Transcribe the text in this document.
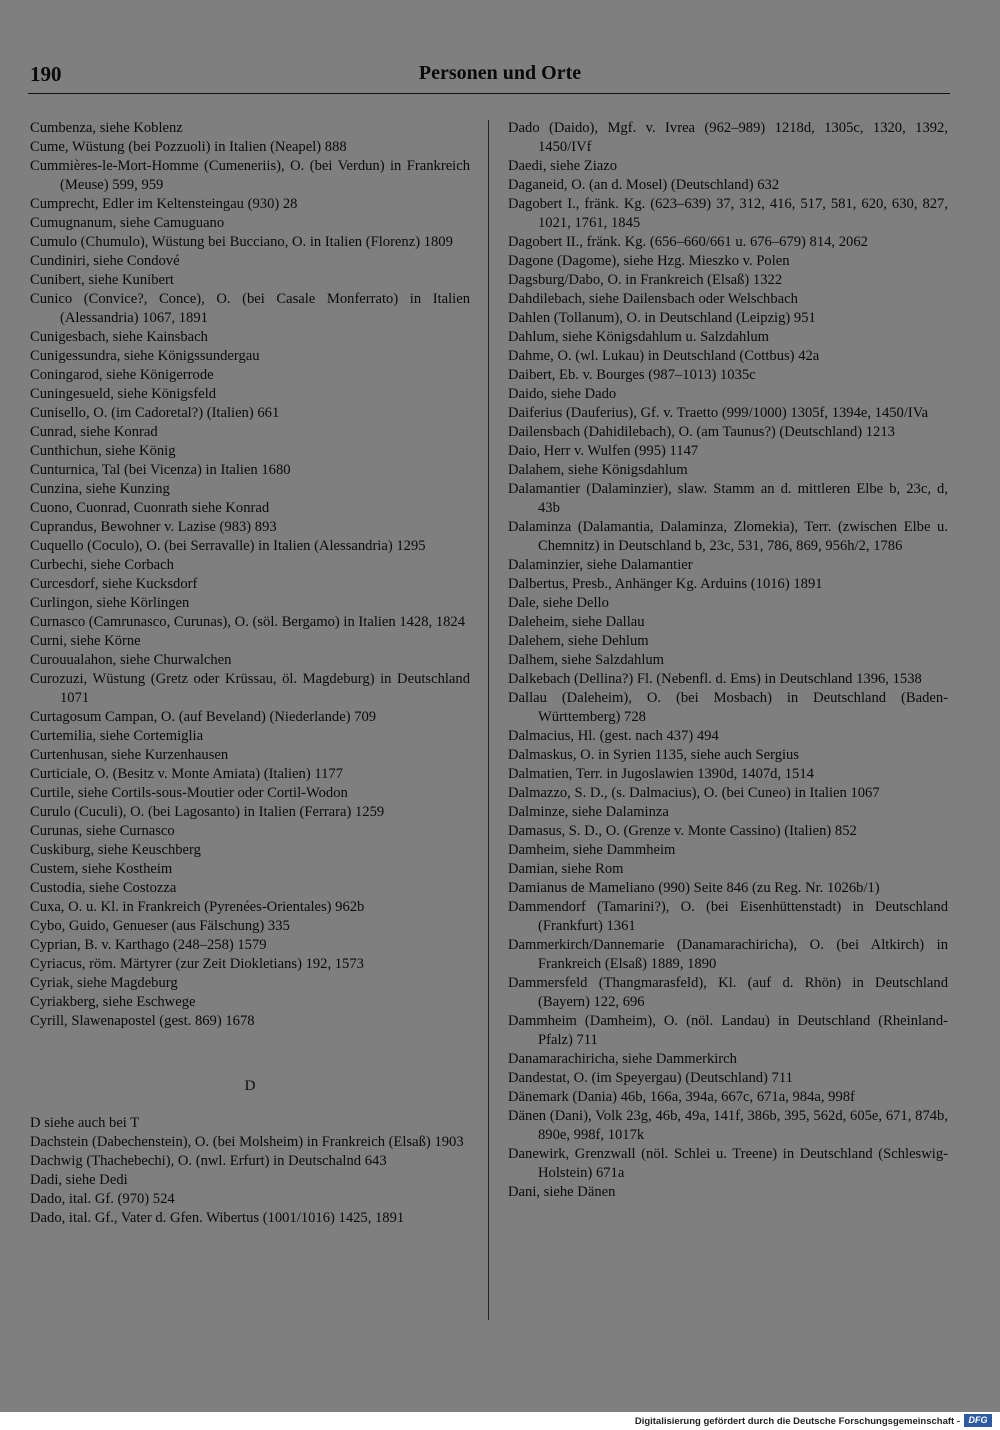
190	Personen und Orte

Cumbenza, siehe Koblenz

Cume, Wüstung (bei Pozzuoli) in Italien (Neapel) 888

Cummières-le-Mort-Homme (Cumeneriis), O. (bei Verdun) in Frankreich (Meuse) 599, 959

Cumprecht, Edler im Keltensteingau (930) 28

Cumugnanum, siehe Camuguano

Cumulo (Chumulo), Wüstung bei Bucciano, O. in Italien (Florenz) 1809

Cundiniri, siehe Condové

Cunibert, siehe Kunibert

Cunico (Convice?, Conce), O. (bei Casale Monferrato) in Italien (Alessandria) 1067, 1891

Cunigesbach, siehe Kainsbach

Cunigessundra, siehe Königssundergau

Coningarod, siehe Königerrode

Cuningesueld, siehe Königsfeld

Cunisello, O. (im Cadoretal?) (Italien) 661

Cunrad, siehe Konrad

Cunthichun, siehe König

Cunturnica, Tal (bei Vicenza) in Italien 1680

Cunzina, siehe Kunzing

Cuono, Cuonrad, Cuonrath siehe Konrad

Cuprandus, Bewohner v. Lazise (983) 893

Cuquello (Coculo), O. (bei Serravalle) in Italien (Alessandria) 1295

Curbechi, siehe Corbach

Curcesdorf, siehe Kucksdorf

Curlingon, siehe Körlingen

Curnasco (Camrunasco, Curunas), O. (söl. Bergamo) in Italien 1428, 1824

Curni, siehe Körne

Curouualahon, siehe Churwalchen

Curozuzi, Wüstung (Gretz oder Krüssau, öl. Magdeburg) in Deutschland 1071

Curtagosum Campan, O. (auf Beveland) (Niederlande) 709

Curtemilia, siehe Cortemiglia

Curtenhusan, siehe Kurzenhausen

Curticiale, O. (Besitz v. Monte Amiata) (Italien) 1177

Curtile, siehe Cortils-sous-Moutier oder Cortil-Wodon

Curulo (Cuculi), O. (bei Lagosanto) in Italien (Ferrara) 1259

Curunas, siehe Curnasco

Cuskiburg, siehe Keuschberg

Custem, siehe Kostheim

Custodia, siehe Costozza

Cuxa, O. u. Kl. in Frankreich (Pyrenées-Orientales) 962b

Cybo, Guido, Genueser (aus Fälschung) 335

Cyprian, B. v. Karthago (248–258) 1579

Cyriacus, röm. Märtyrer (zur Zeit Diokletians) 192, 1573

Cyriak, siehe Magdeburg

Cyriakberg, siehe Eschwege

Cyrill, Slawenapostel (gest. 869) 1678

D

D siehe auch bei T

Dachstein (Dabechenstein), O. (bei Molsheim) in Frankreich (Elsaß) 1903

Dachwig (Thachebechi), O. (nwl. Erfurt) in Deutschalnd 643

Dadi, siehe Dedi

Dado, ital. Gf. (970) 524

Dado, ital. Gf., Vater d. Gfen. Wibertus (1001/1016) 1425, 1891

Dado (Daido), Mgf. v. Ivrea (962–989) 1218d, 1305c, 1320, 1392, 1450/IVf

Daedi, siehe Ziazo

Daganeid, O. (an d. Mosel) (Deutschland) 632

Dagobert I., fränk. Kg. (623–639) 37, 312, 416, 517, 581, 620, 630, 827, 1021, 1761, 1845

Dagobert II., fränk. Kg. (656–660/661 u. 676–679) 814, 2062

Dagone (Dagome), siehe Hzg. Mieszko v. Polen

Dagsburg/Dabo, O. in Frankreich (Elsaß) 1322

Dahdilebach, siehe Dailensbach oder Welschbach

Dahlen (Tollanum), O. in Deutschland (Leipzig) 951

Dahlum, siehe Königsdahlum u. Salzdahlum

Dahme, O. (wl. Lukau) in Deutschland (Cottbus) 42a

Daibert, Eb. v. Bourges (987–1013) 1035c

Daido, siehe Dado

Daiferius (Dauferius), Gf. v. Traetto (999/1000) 1305f, 1394e, 1450/IVa

Dailensbach (Dahidilebach), O. (am Taunus?) (Deutschland) 1213

Daio, Herr v. Wulfen (995) 1147

Dalahem, siehe Königsdahlum

Dalamantier (Dalaminzier), slaw. Stamm an d. mittleren Elbe b, 23c, d, 43b

Dalaminza (Dalamantia, Dalaminza, Zlomekia), Terr. (zwischen Elbe u. Chemnitz) in Deutschland b, 23c, 531, 786, 869, 956h/2, 1786

Dalaminzier, siehe Dalamantier

Dalbertus, Presb., Anhänger Kg. Arduins (1016) 1891

Dale, siehe Dello

Daleheim, siehe Dallau

Dalehem, siehe Dehlum

Dalhem, siehe Salzdahlum

Dalkebach (Dellina?) Fl. (Nebenfl. d. Ems) in Deutschland 1396, 1538

Dallau (Daleheim), O. (bei Mosbach) in Deutschland (Baden-Württemberg) 728

Dalmacius, Hl. (gest. nach 437) 494

Dalmaskus, O. in Syrien 1135, siehe auch Sergius

Dalmatien, Terr. in Jugoslawien 1390d, 1407d, 1514

Dalmazzo, S. D., (s. Dalmacius), O. (bei Cuneo) in Italien 1067

Dalminze, siehe Dalaminza

Damasus, S. D., O. (Grenze v. Monte Cassino) (Italien) 852

Damheim, siehe Dammheim

Damian, siehe Rom

Damianus de Mameliano (990) Seite 846 (zu Reg. Nr. 1026b/1)

Dammendorf (Tamarini?), O. (bei Eisenhüttenstadt) in Deutschland (Frankfurt) 1361

Dammerkirch/Dannemarie (Danamarachiricha), O. (bei Altkirch) in Frankreich (Elsaß) 1889, 1890

Dammersfeld (Thangmarasfeld), Kl. (auf d. Rhön) in Deutschland (Bayern) 122, 696

Dammheim (Damheim), O. (nöl. Landau) in Deutschland (Rheinland-Pfalz) 711

Danamarachiricha, siehe Dammerkirch

Dandestat, O. (im Speyergau) (Deutschland) 711

Dänemark (Dania) 46b, 166a, 394a, 667c, 671a, 984a, 998f

Dänen (Dani), Volk 23g, 46b, 49a, 141f, 386b, 395, 562d, 605e, 671, 874b, 890e, 998f, 1017k

Danewirk, Grenzwall (nöl. Schlei u. Treene) in Deutschland (Schleswig-Holstein) 671a

Dani, siehe Dänen

Digitalisierung gefördert durch die Deutsche Forschungsgemeinschaft - DFG
